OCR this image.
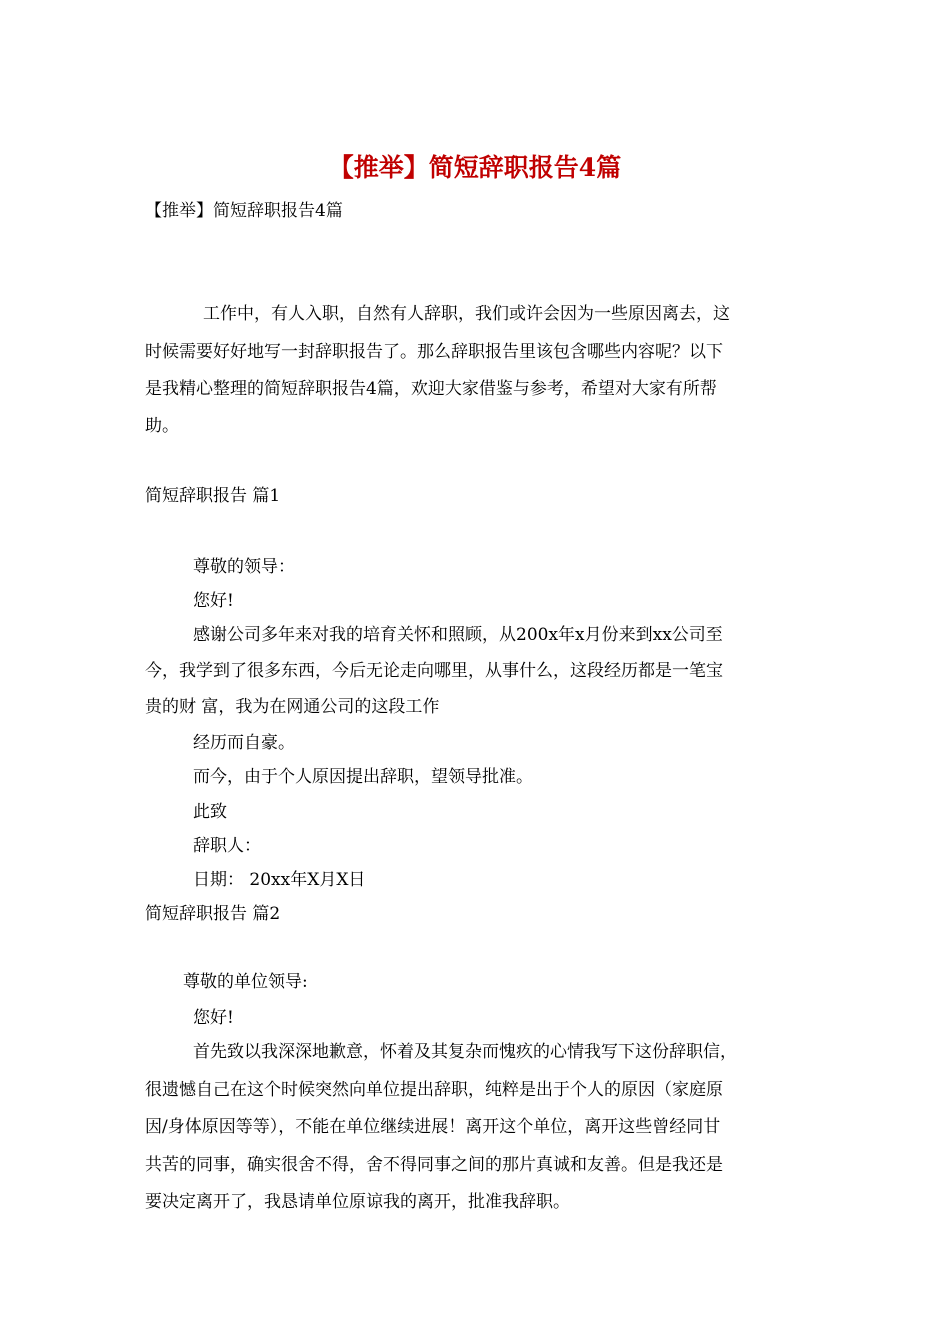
【推举】简短辞职报告4篇
【推举】简短辞职报告4篇
工作中，有人入职，自然有人辞职，我们或许会因为一些原因离去，这
时候需要好好地写一封辞职报告了。那么辞职报告里该包含哪些内容呢？以下
是我精心整理的简短辞职报告4篇，欢迎大家借鉴与参考，希望对大家有所帮
助。
简短辞职报告 篇1
尊敬的领导：
您好!
感谢公司多年来对我的培育关怀和照顾，从200x年x月份来到xx公司至
今，我学到了很多东西，今后无论走向哪里，从事什么，这段经历都是一笔宝
贵的财 富，我为在网通公司的这段工作
经历而自豪。
而今，由于个人原因提出辞职，望领导批准。
此致
辞职人：
日期： 20xx年X月X日
简短辞职报告 篇2
尊敬的单位领导:
您好!
首先致以我深深地歉意，怀着及其复杂而愧疚的心情我写下这份辞职信，
很遗憾自己在这个时候突然向单位提出辞职，纯粹是出于个人的原因（家庭原
因/身体原因等等），不能在单位继续进展！离开这个单位，离开这些曾经同甘
共苦的同事，确实很舍不得，舍不得同事之间的那片真诚和友善。但是我还是
要决定离开了，我恳请单位原谅我的离开，批准我辞职。
